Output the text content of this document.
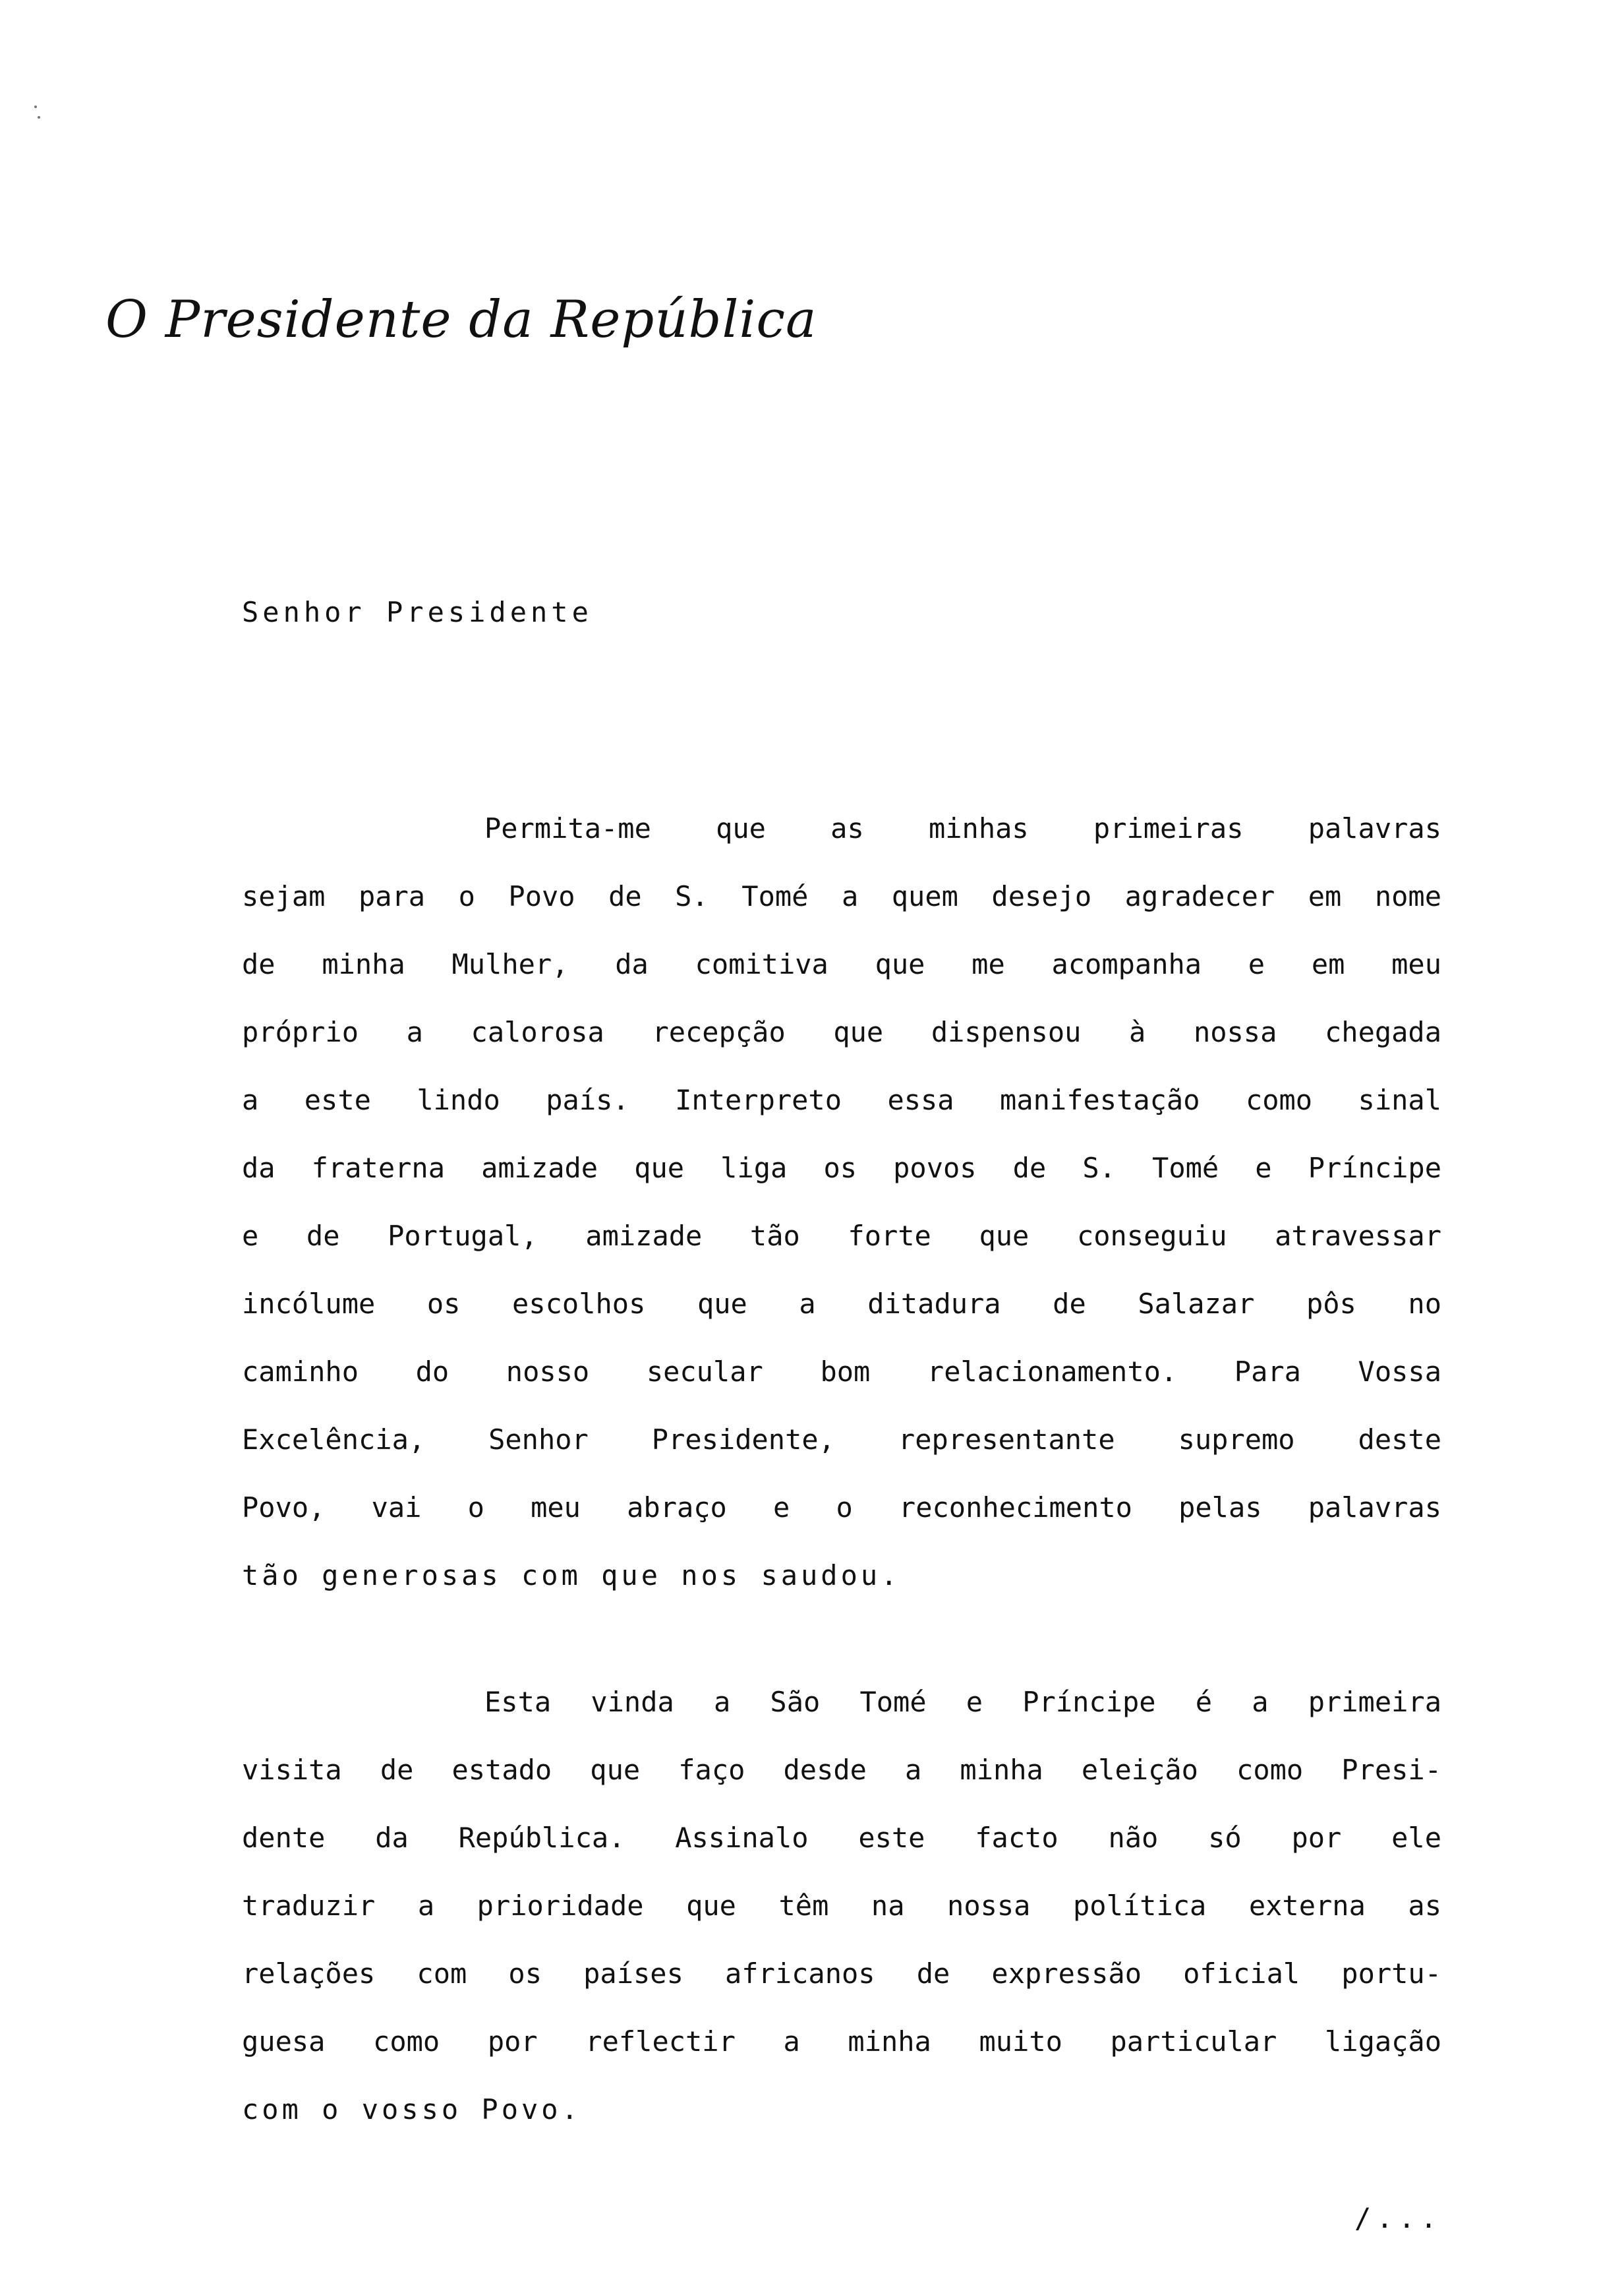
O Presidente da República
Senhor Presidente
Permita-me que as minhas primeiras palavras
sejam para o Povo de S. Tomé a quem desejo agradecer em nome
de minha Mulher, da comitiva que me acompanha e em meu
próprio a calorosa recepção que dispensou à nossa chegada
a este lindo país. Interpreto essa manifestação como sinal
da fraterna amizade que liga os povos de S. Tomé e Príncipe
e de Portugal, amizade tão forte que conseguiu atravessar
incólume os escolhos que a ditadura de Salazar pôs no
caminho do nosso secular bom relacionamento. Para Vossa
Excelência, Senhor Presidente, representante supremo deste
Povo, vai o meu abraço e o reconhecimento pelas palavras
tão generosas com que nos saudou.
Esta vinda a São Tomé e Príncipe é a primeira
visita de estado que faço desde a minha eleição como Presi-
dente da República. Assinalo este facto não só por ele
traduzir a prioridade que têm na nossa política externa as
relações com os países africanos de expressão oficial portu-
guesa como por reflectir a minha muito particular ligação
com o vosso Povo.
/...
